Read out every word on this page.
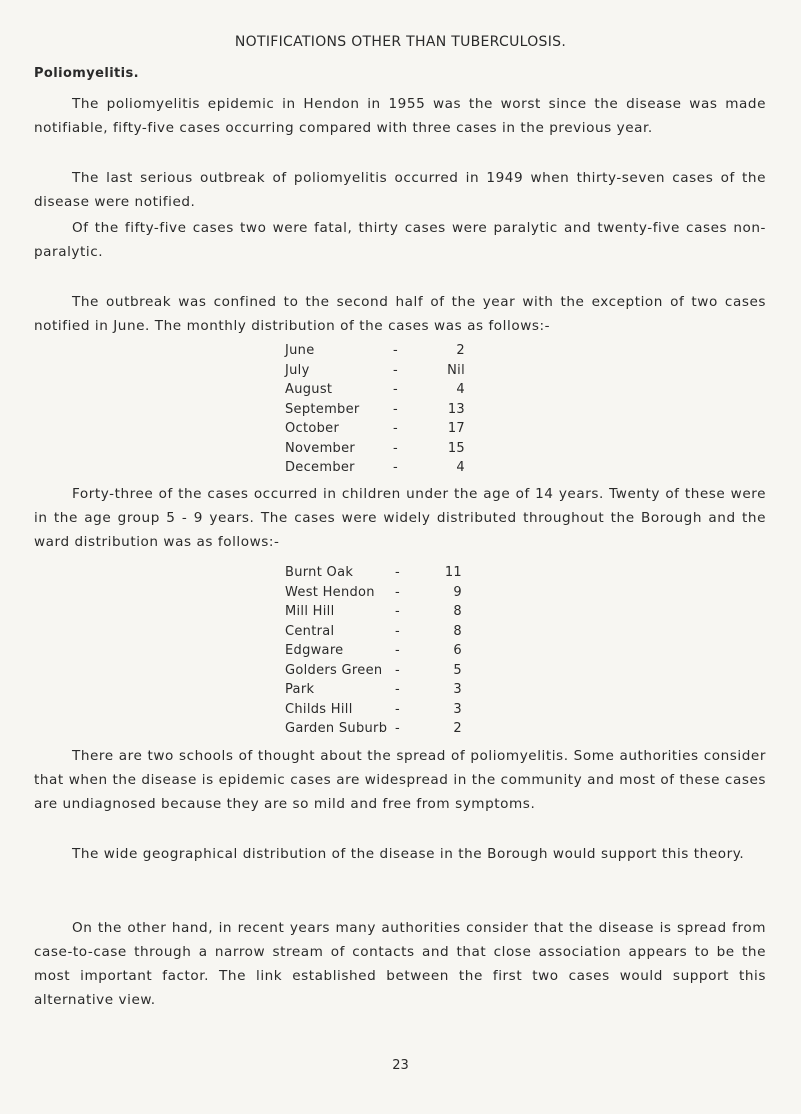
NOTIFICATIONS OTHER THAN TUBERCULOSIS.
Poliomyelitis.
The poliomyelitis epidemic in Hendon in 1955 was the worst since the disease was made notifiable, fifty-five cases occurring compared with three cases in the previous year.
The last serious outbreak of poliomyelitis occurred in 1949 when thirty-seven cases of the disease were notified.
Of the fifty-five cases two were fatal, thirty cases were paralytic and twenty-five cases non-paralytic.
The outbreak was confined to the second half of the year with the exception of two cases notified in June. The monthly distribution of the cases was as follows:-
June	-	2
July	-	Nil
August	-	4
September	-	13
October	-	17
November	-	15
December	-	4
Forty-three of the cases occurred in children under the age of 14 years. Twenty of these were in the age group 5 - 9 years. The cases were widely distributed throughout the Borough and the ward distribution was as follows:-
Burnt Oak	-	11
West Hendon -	9
Mill Hill	-	8
Central	-	8
Edgware	-	6
Golders Green -	5
Park	-	3
Childs Hill	-	3
Garden Suburb -	2
There are two schools of thought about the spread of poliomyelitis. Some authorities consider that when the disease is epidemic cases are widespread in the community and most of these cases are undiagnosed because they are so mild and free from symptoms.
The wide geographical distribution of the disease in the Borough would support this theory.
On the other hand, in recent years many authorities consider that the disease is spread from case-to-case through a narrow stream of contacts and that close association appears to be the most important factor. The link established between the first two cases would support this alternative view.
23
